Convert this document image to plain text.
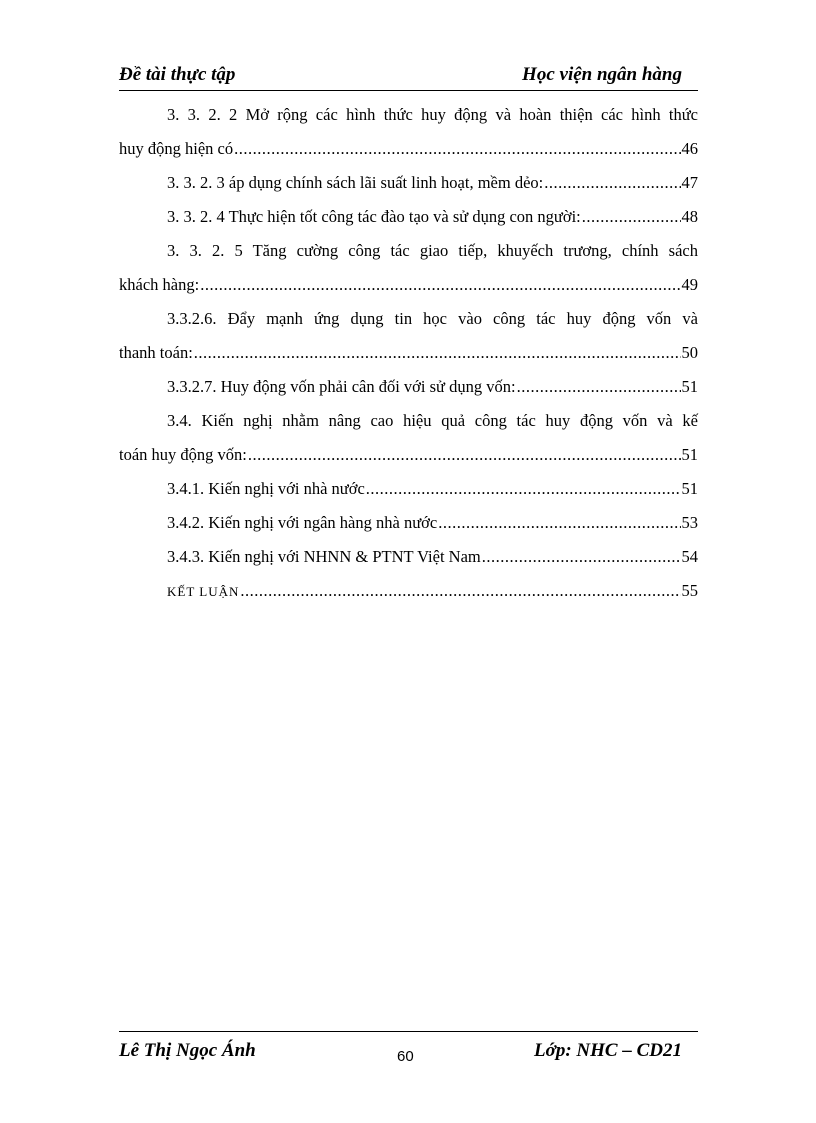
Đề tài thực tập	Học viện ngân hàng
3. 3. 2. 2 Mở rộng các hình thức huy động và hoàn thiện các hình thức
huy động hiện có .....	46
3. 3. 2. 3 áp dụng chính sách lãi suất linh hoạt, mềm dẻo: .....	47
3. 3. 2. 4 Thực hiện tốt công tác đào tạo và sử dụng con người: .....	48
3. 3. 2. 5 Tăng cường công tác giao tiếp, khuyếch trương, chính sách
khách hàng: .....	49
3.3.2.6. Đẩy mạnh ứng dụng tin học vào công tác huy động vốn và
thanh toán: .....	50
3.3.2.7. Huy động vốn phải cân đối với sử dụng vốn: .....	51
3.4. Kiến nghị nhằm nâng cao hiệu quả công tác huy động vốn và kế
toán huy động vốn: .....	51
3.4.1. Kiến nghị với nhà nước .....	51
3.4.2. Kiến nghị với ngân hàng nhà nước .....	53
3.4.3. Kiến nghị với NHNN & PTNT Việt Nam .....	54
KẾT LUẬN .....	55
Lê Thị Ngọc Ánh	60	Lớp: NHC – CD21
